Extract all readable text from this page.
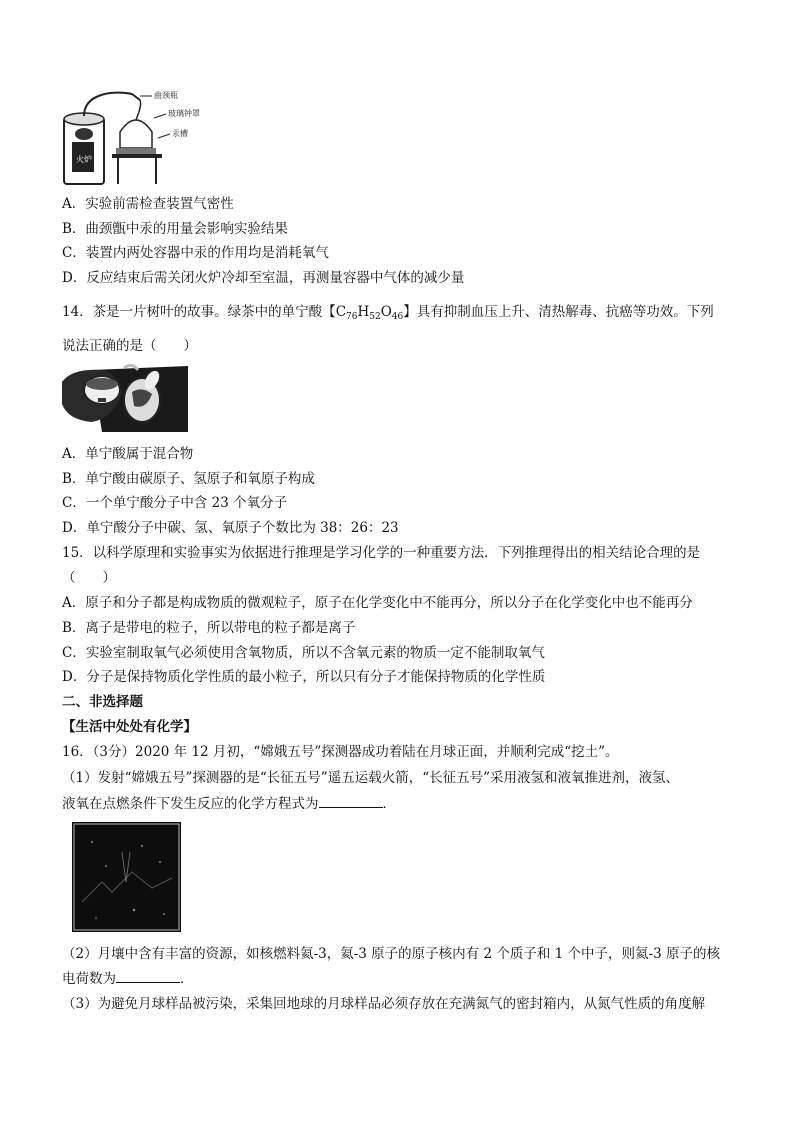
火炉
曲颈瓶
玻璃钟罩
汞槽
A．实验前需检查装置气密性
B．曲颈甑中汞的用量会影响实验结果
C．装置内两处容器中汞的作用均是消耗氧气
D．反应结束后需关闭火炉冷却至室温，再测量容器中气体的减少量
14．茶是一片树叶的故事。绿茶中的单宁酸【$C_{76}H_{52}O_{46}$】具有抑制血压上升、清热解毒、抗癌等功效。下列
说法正确的是（　　）
A．单宁酸属于混合物
B．单宁酸由碳原子、氢原子和氧原子构成
C．一个单宁酸分子中含 23 个氧分子
D．单宁酸分子中碳、氢、氧原子个数比为 38：26：23
15．以科学原理和实验事实为依据进行推理是学习化学的一种重要方法．下列推理得出的相关结论合理的是
（　　）
A．原子和分子都是构成物质的微观粒子，原子在化学变化中不能再分，所以分子在化学变化中也不能再分
B．离子是带电的粒子，所以带电的粒子都是离子
C．实验室制取氧气必须使用含氧物质，所以不含氧元素的物质一定不能制取氧气
D．分子是保持物质化学性质的最小粒子，所以只有分子才能保持物质的化学性质
二、非选择题
【生活中处处有化学】
16．（3分）2020 年 12 月初，“嫦娥五号”探测器成功着陆在月球正面，并顺利完成“挖土”。
（1）发射“嫦娥五号”探测器的是“长征五号”遥五运载火箭，“长征五号”采用液氢和液氧推进剂，液氢、
液氧在点燃条件下发生反应的化学方程式为	．
（2）月壤中含有丰富的资源，如核燃料氦-3，氦-3 原子的原子核内有 2 个质子和 1 个中子，则氦-3 原子的核
电荷数为	．
（3）为避免月球样品被污染，采集回地球的月球样品必须存放在充满氮气的密封箱内，从氮气性质的角度解
